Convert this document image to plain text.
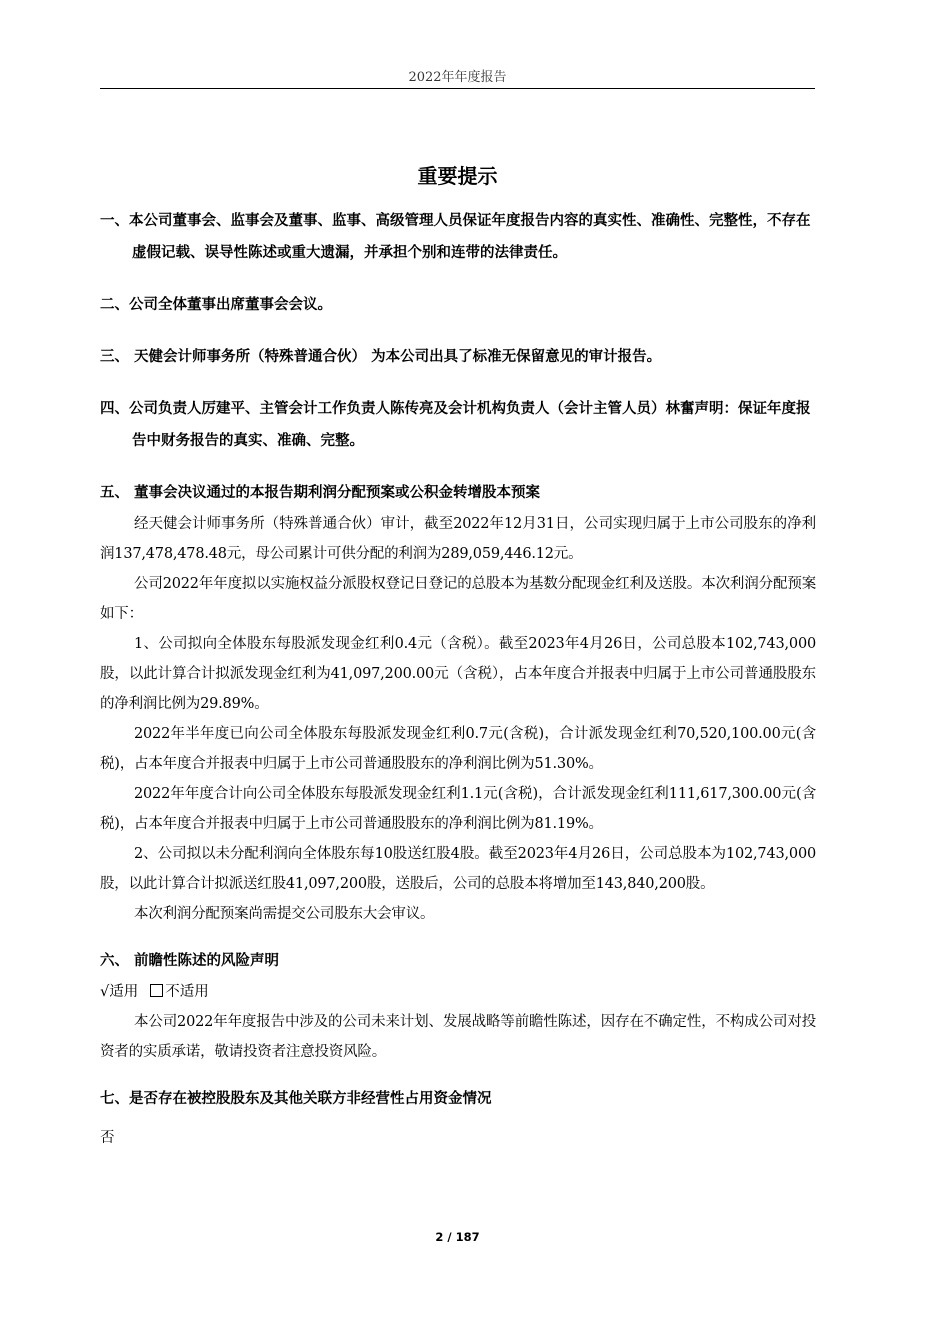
2022年年度报告
重要提示

一、本公司董事会、监事会及董事、监事、高级管理人员保证年度报告内容的真实性、准确性、完整性，不存在虚假记载、误导性陈述或重大遗漏，并承担个别和连带的法律责任。

二、公司全体董事出席董事会会议。

三、 天健会计师事务所（特殊普通合伙） 为本公司出具了标准无保留意见的审计报告。

四、公司负责人厉建平、主管会计工作负责人陈传亮及会计机构负责人（会计主管人员）林奮声明：保证年度报告中财务报告的真实、准确、完整。

五、 董事会决议通过的本报告期利润分配预案或公积金转增股本预案

经天健会计师事务所（特殊普通合伙）审计，截至2022年12月31日，公司实现归属于上市公司股东的净利润137,478,478.48元，母公司累计可供分配的利润为289,059,446.12元。

公司2022年年度拟以实施权益分派股权登记日登记的总股本为基数分配现金红利及送股。本次利润分配预案如下：

1、公司拟向全体股东每股派发现金红利0.4元（含税）。截至2023年4月26日，公司总股本102,743,000股，以此计算合计拟派发现金红利为41,097,200.00元（含税），占本年度合并报表中归属于上市公司普通股股东的净利润比例为29.89%。

2022年半年度已向公司全体股东每股派发现金红利0.7元(含税)，合计派发现金红利70,520,100.00元(含税)，占本年度合并报表中归属于上市公司普通股股东的净利润比例为51.30%。

2022年年度合计向公司全体股东每股派发现金红利1.1元(含税)，合计派发现金红利111,617,300.00元(含税)，占本年度合并报表中归属于上市公司普通股股东的净利润比例为81.19%。

2、公司拟以未分配利润向全体股东每10股送红股4股。截至2023年4月26日，公司总股本为102,743,000股，以此计算合计拟派送红股41,097,200股，送股后，公司的总股本将增加至143,840,200股。

本次利润分配预案尚需提交公司股东大会审议。

六、 前瞻性陈述的风险声明

√适用 不适用

本公司2022年年度报告中涉及的公司未来计划、发展战略等前瞻性陈述，因存在不确定性，不构成公司对投资者的实质承诺，敬请投资者注意投资风险。

七、是否存在被控股股东及其他关联方非经营性占用资金情况

否

2 / 187
